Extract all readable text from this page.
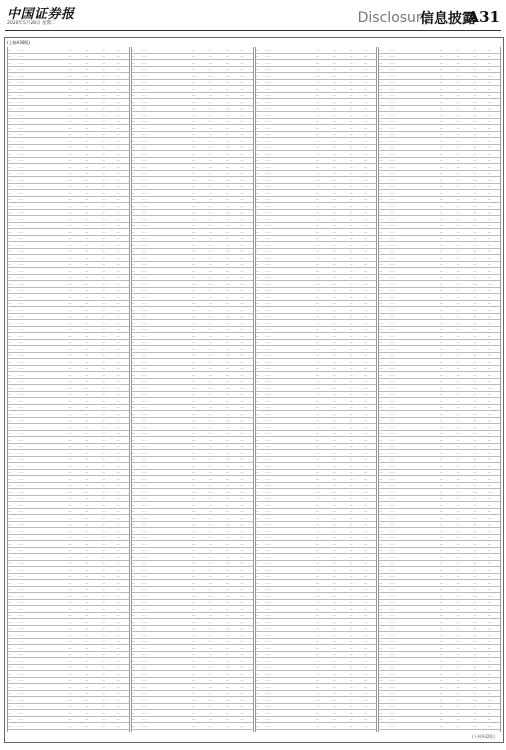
中国证券报
2020年5月28日 星期二	Disclosure
信息披露
A31
(上接A30版)
—	……	—	—	—	—
—	……	—	—	—	—
—	……	—	—	—	—
—	……	—	—	—	—
—	……	—	—	—	—
—	……	—	—	—	—
—	……	—	—	—	—
—	……	—	—	—	—
—	……	—	—	—	—
—	……	—	—	—	—
—	……	—	—	—	—
—	……	—	—	—	—
—	……	—	—	—	—
—	……	—	—	—	—
—	……	—	—	—	—
—	……	—	—	—	—
—	……	—	—	—	—
—	……	—	—	—	—
—	……	—	—	—	—
—	……	—	—	—	—
—	……	—	—	—	—
—	……	—	—	—	—
—	……	—	—	—	—
—	……	—	—	—	—
—	……	—	—	—	—
—	……	—	—	—	—
—	……	—	—	—	—
—	……	—	—	—	—
—	……	—	—	—	—
—	……	—	—	—	—
—	……	—	—	—	—
—	……	—	—	—	—
—	……	—	—	—	—
—	……	—	—	—	—
—	……	—	—	—	—
—	……	—	—	—	—
—	……	—	—	—	—
—	……	—	—	—	—
—	……	—	—	—	—
—	……	—	—	—	—
—	……	—	—	—	—
—	……	—	—	—	—
—	……	—	—	—	—
—	……	—	—	—	—
—	……	—	—	—	—
—	……	—	—	—	—
—	……	—	—	—	—
—	……	—	—	—	—
—	……	—	—	—	—
—	……	—	—	—	—
—	……	—	—	—	—
—	……	—	—	—	—
—	……	—	—	—	—
—	……	—	—	—	—
—	……	—	—	—	—
—	……	—	—	—	—
—	……	—	—	—	—
—	……	—	—	—	—
—	……	—	—	—	—
—	……	—	—	—	—
—	……	—	—	—	—
—	……	—	—	—	—
—	……	—	—	—	—
—	……	—	—	—	—
—	……	—	—	—	—
—	……	—	—	—	—
—	……	—	—	—	—
—	……	—	—	—	—
—	……	—	—	—	—
—	……	—	—	—	—
—	……	—	—	—	—
—	……	—	—	—	—
—	……	—	—	—	—
—	……	—	—	—	—
—	……	—	—	—	—
—	……	—	—	—	—
—	……	—	—	—	—
—	……	—	—	—	—
—	……	—	—	—	—
—	……	—	—	—	—
—	……	—	—	—	—
—	……	—	—	—	—
—	……	—	—	—	—
—	……	—	—	—	—
—	……	—	—	—	—
—	……	—	—	—	—
—	……	—	—	—	—
—	……	—	—	—	—
—	……	—	—	—	—
—	……	—	—	—	—
—	……	—	—	—	—
—	……	—	—	—	—
—	……	—	—	—	—
—	……	—	—	—	—
—	……	—	—	—	—
—	……	—	—	—	—
—	……	—	—	—	—
—	……	—	—	—	—
—	……	—	—	—	—
—	……	—	—	—	—
—	……	—	—	—	—
—	……	—	—	—	—
—	……	—	—	—	—
—	……	—	—	—	—
—	……	—	—	—	—
—	……	—	—	—	—
—	……	—	—	—	—
—	……	—	—	—	—
—	……	—	—	—	—
—	……	—	—	—	—
—	……	—	—	—	—
—	……	—	—	—	—
—	……	—	—	—	—
—	……	—	—	—	—
—	……	—	—	—	—
—	……	—	—	—	—
—	……	—	—	—	—
—	……	—	—	—	—
—	……	—	—	—	—
—	……	—	—	—	—
—	……	—	—	—	—
—	……	—	—	—	—
—	……	—	—	—	—
—	……	—	—	—	—
—	……	—	—	—	—
—	……	—	—	—	—
—	……	—	—	—	—
—	……	—	—	—	—
—	……	—	—	—	—
—	……	—	—	—	—
—	……	—	—	—	—
—	……	—	—	—	—
—	……	—	—	—	—
—	……	—	—	—	—
—	……	—	—	—	—
—	……	—	—	—	—
—	……	—	—	—	—
—	……	—	—	—	—
—	……	—	—	—	—
—	……	—	—	—	—
—	……	—	—	—	—
—	……	—	—	—	—
—	……	—	—	—	—
—	……	—	—	—	—
—	……	—	—	—	—
—	……	—	—	—	—
—	……	—	—	—	—
—	……	—	—	—	—
—	……	—	—	—	—
—	……	—	—	—	—
—	……	—	—	—	—
—	……	—	—	—	—
—	……	—	—	—	—
—	……	—	—	—	—
—	……	—	—	—	—
—	……	—	—	—	—
—	……	—	—	—	—
—	……	—	—	—	—
—	……	—	—	—	—
—	……	—	—	—	—
—	……	—	—	—	—
—	……	—	—	—	—
—	……	—	—	—	—
—	……	—	—	—	—
—	……	—	—	—	—
—	……	—	—	—	—
—	……	—	—	—	—
—	……	—	—	—	—
—	……	—	—	—	—
—	……	—	—	—	—
—	……	—	—	—	—
—	……	—	—	—	—
—	……	—	—	—	—
—	……	—	—	—	—
—	……	—	—	—	—
—	……	—	—	—	—
—	……	—	—	—	—
—	……	—	—	—	—
—	……	—	—	—	—
—	……	—	—	—	—
—	……	—	—	—	—
—	……	—	—	—	—
—	……	—	—	—	—
—	……	—	—	—	—
—	……	—	—	—	—
—	……	—	—	—	—
—	……	—	—	—	—
—	……	—	—	—	—
—	……	—	—	—	—
—	……	—	—	—	—
—	……	—	—	—	—
—	……	—	—	—	—
—	……	—	—	—	—
—	……	—	—	—	—
—	……	—	—	—	—
—	……	—	—	—	—
—	……	—	—	—	—
—	……	—	—	—	—
—	……	—	—	—	—
—	……	—	—	—	—
—	……	—	—	—	—
—	……	—	—	—	—
—	……	—	—	—	—
—	……	—	—	—	—
—	……	—	—	—	—
—	……	—	—	—	—
—	……	—	—	—	—
—	……	—	—	—	—
—	……	—	—	—	—
—	……	—	—	—	—
—	……	—	—	—	—
—	……	—	—	—	—
—	……	—	—	—	—
—	……	—	—	—	—
—	……	—	—	—	—
—	……	—	—	—	—
—	……	—	—	—	—
—	……	—	—	—	—
—	……	—	—	—	—
—	……	—	—	—	—
—	……	—	—	—	—
—	……	—	—	—	—
—	……	—	—	—	—
—	……	—	—	—	—
—	……	—	—	—	—
—	……	—	—	—	—
—	……	—	—	—	—
—	……	—	—	—	—
—	……	—	—	—	—
—	……	—	—	—	—
—	……	—	—	—	—
—	……	—	—	—	—
—	……	—	—	—	—
—	……	—	—	—	—
—	……	—	—	—	—
—	……	—	—	—	—
—	……	—	—	—	—
—	……	—	—	—	—
—	……	—	—	—	—
—	……	—	—	—	—
—	……	—	—	—	—
—	……	—	—	—	—
—	……	—	—	—	—
—	……	—	—	—	—
—	……	—	—	—	—
—	……	—	—	—	—
—	……	—	—	—	—
—	……	—	—	—	—
—	……	—	—	—	—
—	……	—	—	—	—
—	……	—	—	—	—
—	……	—	—	—	—
—	……	—	—	—	—
—	……	—	—	—	—
—	……	—	—	—	—
—	……	—	—	—	—
—	……	—	—	—	—
—	……	—	—	—	—
—	……	—	—	—	—
—	……	—	—	—	—
—	……	—	—	—	—
—	……	—	—	—	—
—	……	—	—	—	—
—	……	—	—	—	—
—	……	—	—	—	—
—	……	—	—	—	—
—	……	—	—	—	—
—	……	—	—	—	—
—	……	—	—	—	—
—	……	—	—	—	—
—	……	—	—	—	—
—	……	—	—	—	—
—	……	—	—	—	—
—	……	—	—	—	—
—	……	—	—	—	—
—	……	—	—	—	—
—	……	—	—	—	—
—	……	—	—	—	—
—	……	—	—	—	—
—	……	—	—	—	—
—	……	—	—	—	—
—	……	—	—	—	—
—	……	—	—	—	—
—	……	—	—	—	—
—	……	—	—	—	—
—	……	—	—	—	—
—	……	—	—	—	—
—	……	—	—	—	—
—	……	—	—	—	—
—	……	—	—	—	—
—	……	—	—	—	—
—	……	—	—	—	—
—	……	—	—	—	—
—	……	—	—	—	—
—	……	—	—	—	—
—	……	—	—	—	—
—	……	—	—	—	—
—	……	—	—	—	—
—	……	—	—	—	—
—	……	—	—	—	—
—	……	—	—	—	—
—	……	—	—	—	—
—	……	—	—	—	—
—	……	—	—	—	—
—	……	—	—	—	—
—	……	—	—	—	—
—	……	—	—	—	—
—	……	—	—	—	—
—	……	—	—	—	—
—	……	—	—	—	—
—	……	—	—	—	—
—	……	—	—	—	—
—	……	—	—	—	—
—	……	—	—	—	—
—	……	—	—	—	—
—	……	—	—	—	—
—	……	—	—	—	—
—	……	—	—	—	—
—	……	—	—	—	—
—	……	—	—	—	—
—	……	—	—	—	—
—	……	—	—	—	—
—	……	—	—	—	—
—	……	—	—	—	—
—	……	—	—	—	—
—	……	—	—	—	—
—	……	—	—	—	—
—	……	—	—	—	—
—	……	—	—	—	—
—	……	—	—	—	—
—	……	—	—	—	—
—	……	—	—	—	—
—	……	—	—	—	—
—	……	—	—	—	—
—	……	—	—	—	—
—	……	—	—	—	—
—	……	—	—	—	—
—	……	—	—	—	—
—	……	—	—	—	—
—	……	—	—	—	—
—	……	—	—	—	—
—	……	—	—	—	—
—	……	—	—	—	—
—	……	—	—	—	—
—	……	—	—	—	—
—	……	—	—	—	—
—	……	—	—	—	—
—	……	—	—	—	—
—	……	—	—	—	—
—	……	—	—	—	—
—	……	—	—	—	—
—	……	—	—	—	—
—	……	—	—	—	—
—	……	—	—	—	—
—	……	—	—	—	—
—	……	—	—	—	—
—	……	—	—	—	—
—	……	—	—	—	—
—	……	—	—	—	—
—	……	—	—	—	—
—	……	—	—	—	—
—	……	—	—	—	—
—	……	—	—	—	—
—	……	—	—	—	—
—	……	—	—	—	—
—	……	—	—	—	—
—	……	—	—	—	—
—	……	—	—	—	—
—	……	—	—	—	—
—	……	—	—	—	—
—	……	—	—	—	—
—	……	—	—	—	—
—	……	—	—	—	—
—	……	—	—	—	—
—	……	—	—	—	—
—	……	—	—	—	—
—	……	—	—	—	—
—	……	—	—	—	—
—	……	—	—	—	—
—	……	—	—	—	—
—	……	—	—	—	—
—	……	—	—	—	—
—	……	—	—	—	—
—	……	—	—	—	—
—	……	—	—	—	—
—	……	—	—	—	—
—	……	—	—	—	—
—	……	—	—	—	—
—	……	—	—	—	—
—	……	—	—	—	—
—	……	—	—	—	—
—	……	—	—	—	—
—	……	—	—	—	—
—	……	—	—	—	—
—	……	—	—	—	—
—	……	—	—	—	—
—	……	—	—	—	—
—	……	—	—	—	—
—	……	—	—	—	—
—	……	—	—	—	—
—	……	—	—	—	—
—	……	—	—	—	—
—	……	—	—	—	—
—	……	—	—	—	—
—	……	—	—	—	—
—	……	—	—	—	—
—	……	—	—	—	—
—	……	—	—	—	—
—	……	—	—	—	—
—	……	—	—	—	—
—	……	—	—	—	—
—	……	—	—	—	—
—	……	—	—	—	—
—	……	—	—	—	—
—	……	—	—	—	—
—	……	—	—	—	—
—	……	—	—	—	—
—	……	—	—	—	—
—	……	—	—	—	—
—	……	—	—	—	—
(下转A32版)
